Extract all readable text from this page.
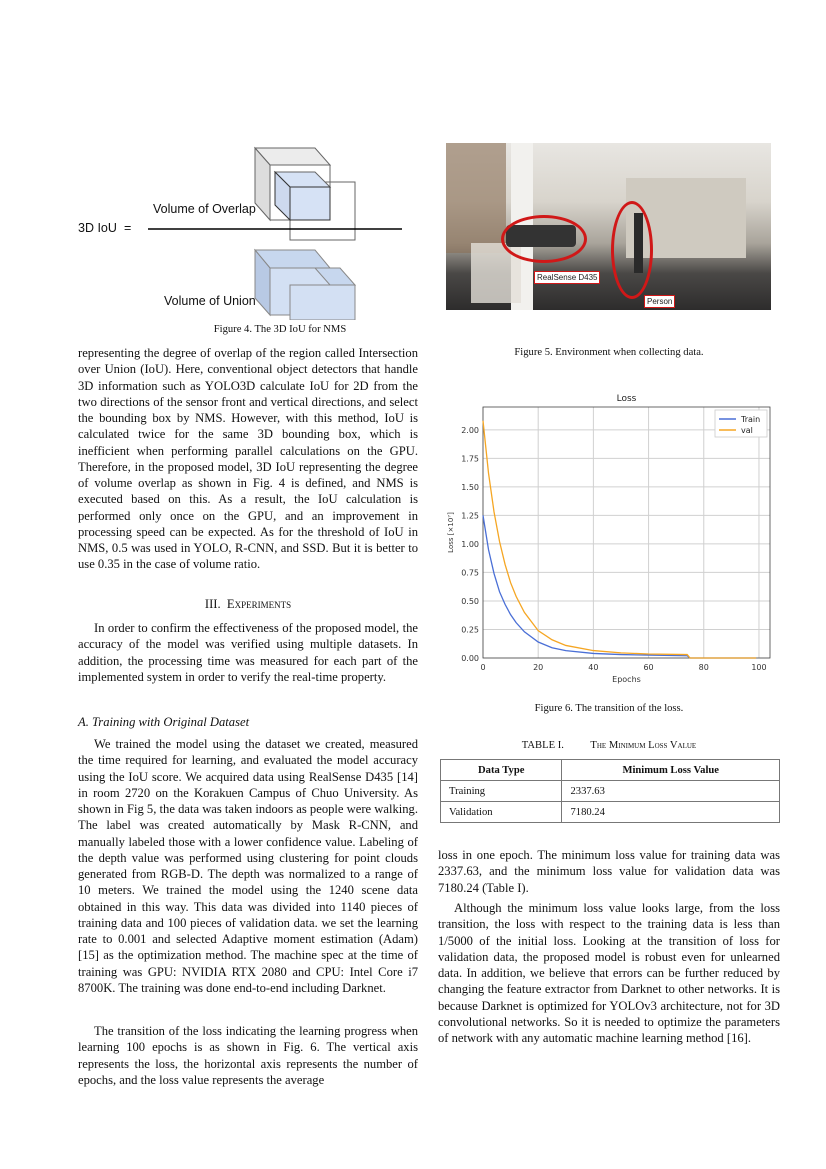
3D IoU =
Volume of Overlap
Volume of Union
Figure 4. The 3D IoU for NMS
RealSense D435
Person
Figure 5. Environment when collecting data.
representing the degree of overlap of the region called Intersection over Union (IoU). Here, conventional object detectors that handle 3D information such as YOLO3D calculate IoU for 2D from the two directions of the sensor front and vertical directions, and select the bounding box by NMS. However, with this method, IoU is calculated twice for the same 3D bounding box, which is inefficient when performing parallel calculations on the GPU. Therefore, in the proposed model, 3D IoU representing the degree of volume overlap as shown in Fig. 4 is defined, and NMS is executed based on this. As a result, the IoU calculation is performed only once on the GPU, and an improvement in processing speed can be expected. As for the threshold of IoU in NMS, 0.5 was used in YOLO, R-CNN, and SSD. But it is better to use 0.35 in the case of volume ratio.
III. Experiments
In order to confirm the effectiveness of the proposed model, the accuracy of the model was verified using multiple datasets. In addition, the processing time was measured for each part of the implemented system in order to verify the real-time property.
A. Training with Original Dataset
We trained the model using the dataset we created, measured the time required for learning, and evaluated the model accuracy using the IoU score. We acquired data using RealSense D435 [14] in room 2720 on the Korakuen Campus of Chuo University. As shown in Fig 5, the data was taken indoors as people were walking. The label was created automatically by Mask R-CNN, and manually labeled those with a lower confidence value. Labeling of the depth value was performed using clustering for point clouds generated from RGB-D. The depth was normalized to a range of 10 meters. We trained the model using the 1240 scene data obtained in this way. This data was divided into 1140 pieces of training data and 100 pieces of validation data. we set the learning rate to 0.001 and selected Adaptive moment estimation (Adam) [15] as the optimization method. The machine spec at the time of training was GPU: NVIDIA RTX 2080 and CPU: Intel Core i7 8700K. The training was done end-to-end including Darknet.
The transition of the loss indicating the learning progress when learning 100 epochs is as shown in Fig. 6. The vertical axis represents the loss, the horizontal axis represents the number of epochs, and the loss value represents the average
0	20	40	60	80	100
0.00
0.25
0.50
0.75
1.00
1.25
1.50
1.75
2.00
Loss
Epochs
Loss [×10⁷]
Train
val
Figure 6. The transition of the loss.
TABLE I. The Minimum Loss Value
Data Type	Minimum Loss Value
Training	2337.63
Validation	7180.24
loss in one epoch. The minimum loss value for training data was 2337.63, and the minimum loss value for validation data was 7180.24 (Table I).
Although the minimum loss value looks large, from the loss transition, the loss with respect to the training data is less than 1/5000 of the initial loss. Looking at the transition of loss for validation data, the proposed model is robust even for unlearned data. In addition, we believe that errors can be further reduced by changing the feature extractor from Darknet to other networks. It is because Darknet is optimized for YOLOv3 architecture, not for 3D convolutional networks. So it is needed to optimize the parameters of network with any automatic machine learning method [16].
